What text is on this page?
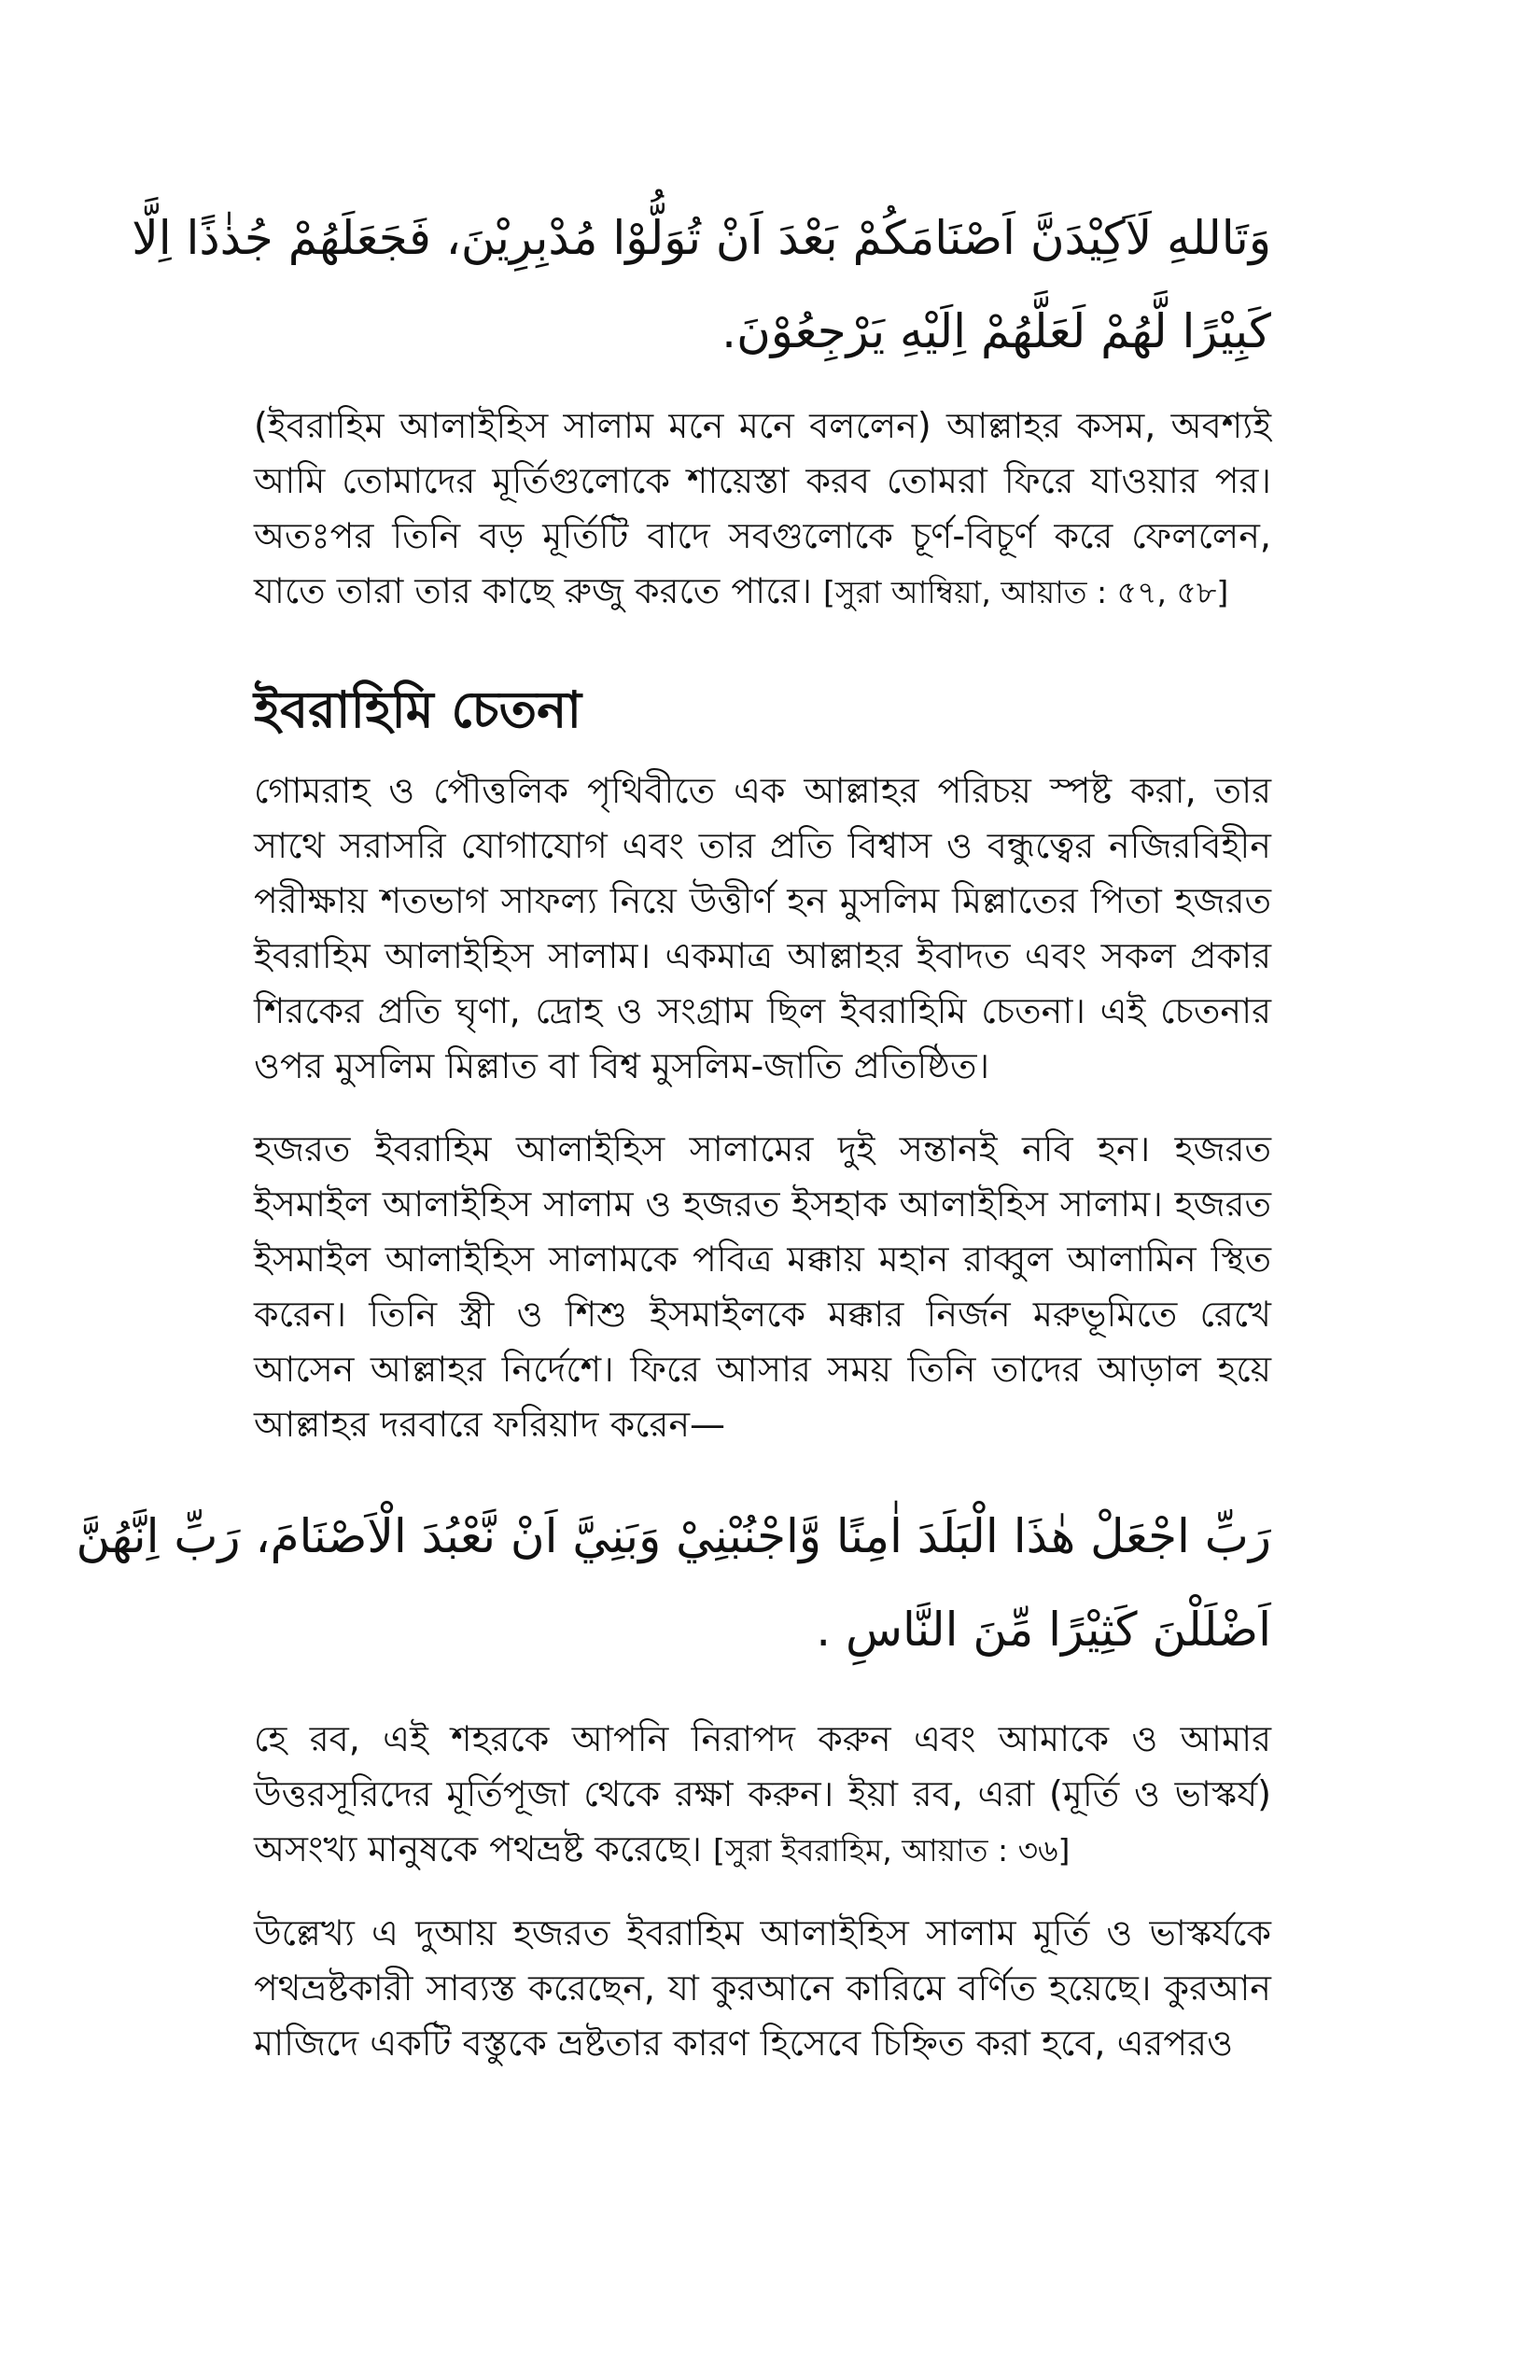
وَتَاللهِ لَاَكِيْدَنَّ اَصْنَامَكُمْ بَعْدَ اَنْ تُوَلُّوْا مُدْبِرِيْنَ، فَجَعَلَهُمْ جُذٰذًا اِلَّا
كَبِيْرًا لَّهُمْ لَعَلَّهُمْ اِلَيْهِ يَرْجِعُوْنَ.

(ইবরাহিম আলাইহিস সালাম মনে মনে বললেন) আল্লাহর কসম, অবশ্যই আমি তোমাদের মূর্তিগুলোকে শায়েস্তা করব তোমরা ফিরে যাওয়ার পর। অতঃপর তিনি বড় মূর্তিটি বাদে সবগুলোকে চূর্ণ-বিচূর্ণ করে ফেললেন, যাতে তারা তার কাছে রুজু করতে পারে। [সুরা আম্বিয়া, আয়াত : ৫৭, ৫৮]

ইবরাহিমি চেতনা

গোমরাহ ও পৌত্তলিক পৃথিবীতে এক আল্লাহর পরিচয় স্পষ্ট করা, তার সাথে সরাসরি যোগাযোগ এবং তার প্রতি বিশ্বাস ও বন্ধুত্বের নজিরবিহীন পরীক্ষায় শতভাগ সাফল্য নিয়ে উত্তীর্ণ হন মুসলিম মিল্লাতের পিতা হজরত ইবরাহিম আলাইহিস সালাম। একমাত্র আল্লাহর ইবাদত এবং সকল প্রকার শিরকের প্রতি ঘৃণা, দ্রোহ ও সংগ্রাম ছিল ইবরাহিমি চেতনা। এই চেতনার ওপর মুসলিম মিল্লাত বা বিশ্ব মুসলিম-জাতি প্রতিষ্ঠিত।

হজরত ইবরাহিম আলাইহিস সালামের দুই সন্তানই নবি হন। হজরত ইসমাইল আলাইহিস সালাম ও হজরত ইসহাক আলাইহিস সালাম। হজরত ইসমাইল আলাইহিস সালামকে পবিত্র মক্কায় মহান রাব্বুল আলামিন স্থিত করেন। তিনি স্ত্রী ও শিশু ইসমাইলকে মক্কার নির্জন মরুভূমিতে রেখে আসেন আল্লাহর নির্দেশে। ফিরে আসার সময় তিনি তাদের আড়াল হয়ে আল্লাহর দরবারে ফরিয়াদ করেন—

رَبِّ اجْعَلْ هٰذَا الْبَلَدَ اٰمِنًا وَّاجْنُبْنِيْ وَبَنِيَّ اَنْ نَّعْبُدَ الْاَصْنَامَ، رَبِّ اِنَّهُنَّ
اَضْلَلْنَ كَثِيْرًا مِّنَ النَّاسِ .

হে রব, এই শহরকে আপনি নিরাপদ করুন এবং আমাকে ও আমার উত্তরসূরিদের মূর্তিপূজা থেকে রক্ষা করুন। ইয়া রব, এরা (মূর্তি ও ভাস্কর্য) অসংখ্য মানুষকে পথভ্রষ্ট করেছে। [সুরা ইবরাহিম, আয়াত : ৩৬]

উল্লেখ্য এ দুআয় হজরত ইবরাহিম আলাইহিস সালাম মূর্তি ও ভাস্কর্যকে পথভ্রষ্টকারী সাব্যস্ত করেছেন, যা কুরআনে কারিমে বর্ণিত হয়েছে। কুরআন মাজিদে একটি বস্তুকে ভ্রষ্টতার কারণ হিসেবে চিহ্নিত করা হবে, এরপরও
